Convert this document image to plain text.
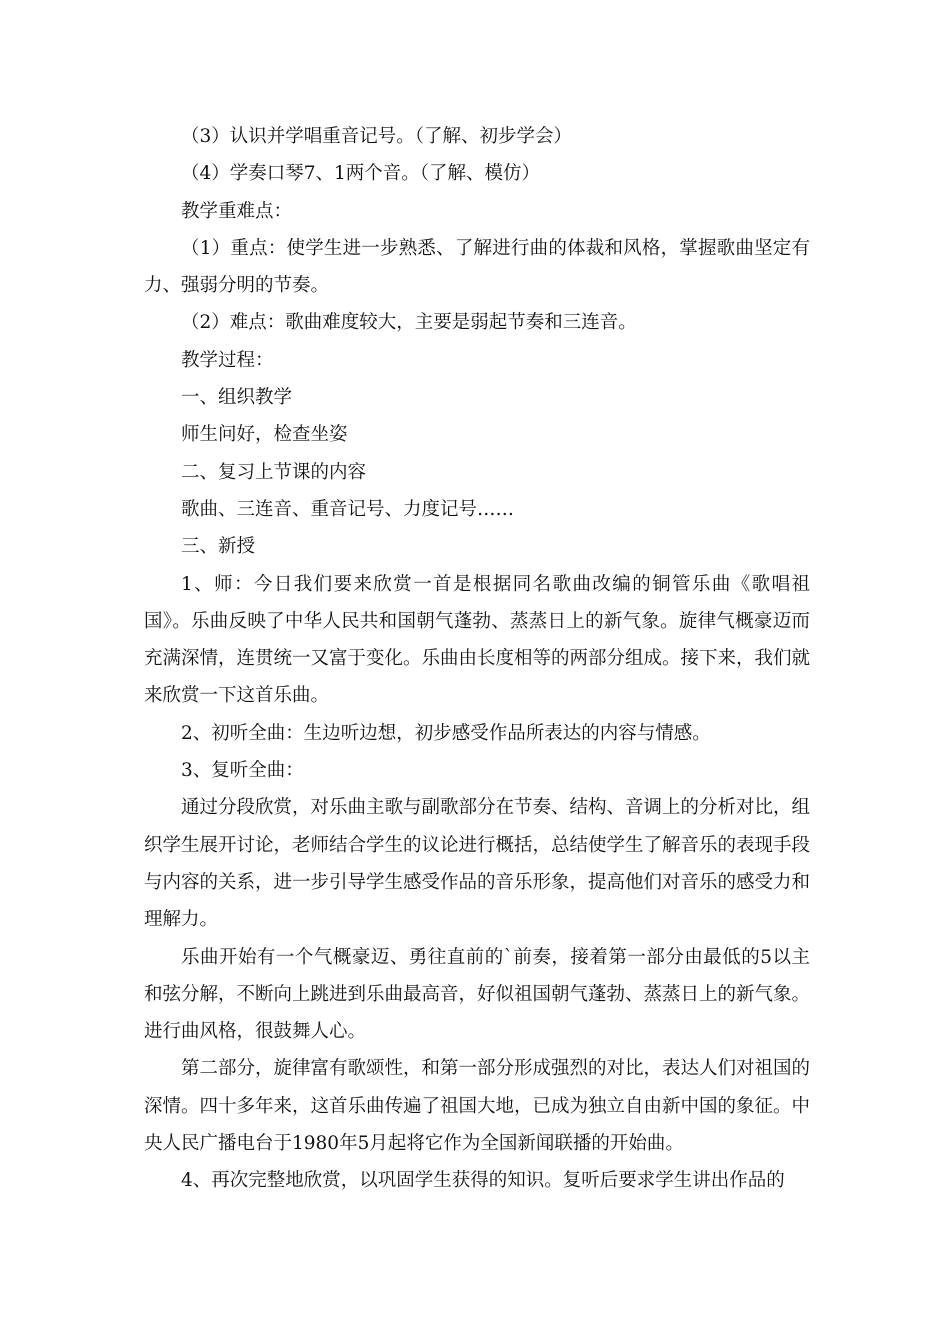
（3）认识并学唱重音记号。（了解、初步学会）

（4）学奏口琴7、1两个音。（了解、模仿）

教学重难点：

（1）重点：使学生进一步熟悉、了解进行曲的体裁和风格，掌握歌曲坚定有力、强弱分明的节奏。

（2）难点：歌曲难度较大，主要是弱起节奏和三连音。

教学过程：

一、组织教学

师生问好，检查坐姿

二、复习上节课的内容

歌曲、三连音、重音记号、力度记号……

三、新授

1、师：今日我们要来欣赏一首是根据同名歌曲改编的铜管乐曲《歌唱祖国》。乐曲反映了中华人民共和国朝气蓬勃、蒸蒸日上的新气象。旋律气概豪迈而充满深情，连贯统一又富于变化。乐曲由长度相等的两部分组成。接下来，我们就来欣赏一下这首乐曲。

2、初听全曲：生边听边想，初步感受作品所表达的内容与情感。

3、复听全曲：

通过分段欣赏，对乐曲主歌与副歌部分在节奏、结构、音调上的分析对比，组织学生展开讨论，老师结合学生的议论进行概括，总结使学生了解音乐的表现手段与内容的关系，进一步引导学生感受作品的音乐形象，提高他们对音乐的感受力和理解力。

乐曲开始有一个气概豪迈、勇往直前的`前奏，接着第一部分由最低的5以主和弦分解，不断向上跳进到乐曲最高音，好似祖国朝气蓬勃、蒸蒸日上的新气象。进行曲风格，很鼓舞人心。

第二部分，旋律富有歌颂性，和第一部分形成强烈的对比，表达人们对祖国的深情。四十多年来，这首乐曲传遍了祖国大地，已成为独立自由新中国的象征。中央人民广播电台于1980年5月起将它作为全国新闻联播的开始曲。

4、再次完整地欣赏，以巩固学生获得的知识。复听后要求学生讲出作品的
